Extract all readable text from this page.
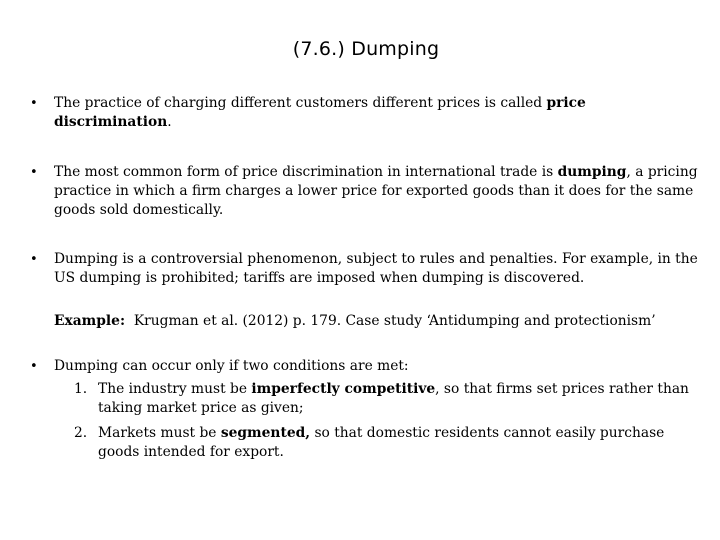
(7.6.) Dumping
• The practice of charging different customers different prices is called price discrimination.
• The most common form of price discrimination in international trade is dumping, a pricing practice in which a firm charges a lower price for exported goods than it does for the same goods sold domestically.
• Dumping is a controversial phenomenon, subject to rules and penalties. For example, in the US dumping is prohibited; tariffs are imposed when dumping is discovered.
Example: Krugman et al. (2012) p. 179. Case study ‘Antidumping and protectionism’
• Dumping can occur only if two conditions are met:
1. The industry must be imperfectly competitive, so that firms set prices rather than taking market price as given;
2. Markets must be segmented, so that domestic residents cannot easily purchase goods intended for export.
